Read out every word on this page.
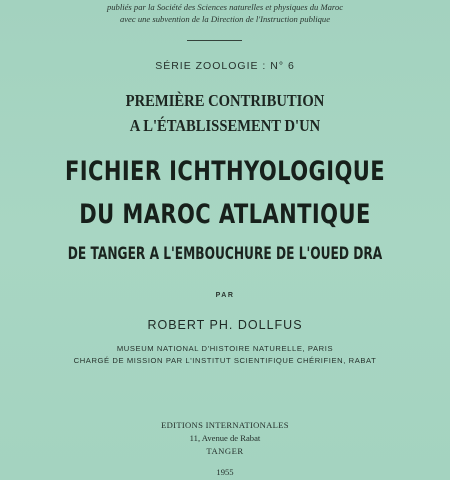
publiés par la Société des Sciences naturelles et physiques du Maroc
avec une subvention de la Direction de l'Instruction publique
SÉRIE ZOOLOGIE : N° 6
PREMIÈRE CONTRIBUTION
A L'ÉTABLISSEMENT D'UN
FICHIER ICHTHYOLOGIQUE
DU MAROC ATLANTIQUE
DE TANGER A L'EMBOUCHURE DE L'OUED DRA
PAR
ROBERT PH. DOLLFUS
MUSEUM NATIONAL D'HISTOIRE NATURELLE, PARIS
CHARGÉ DE MISSION PAR L'INSTITUT SCIENTIFIQUE CHÉRIFIEN, RABAT
EDITIONS INTERNATIONALES
11, Avenue de Rabat
TANGER
1955
